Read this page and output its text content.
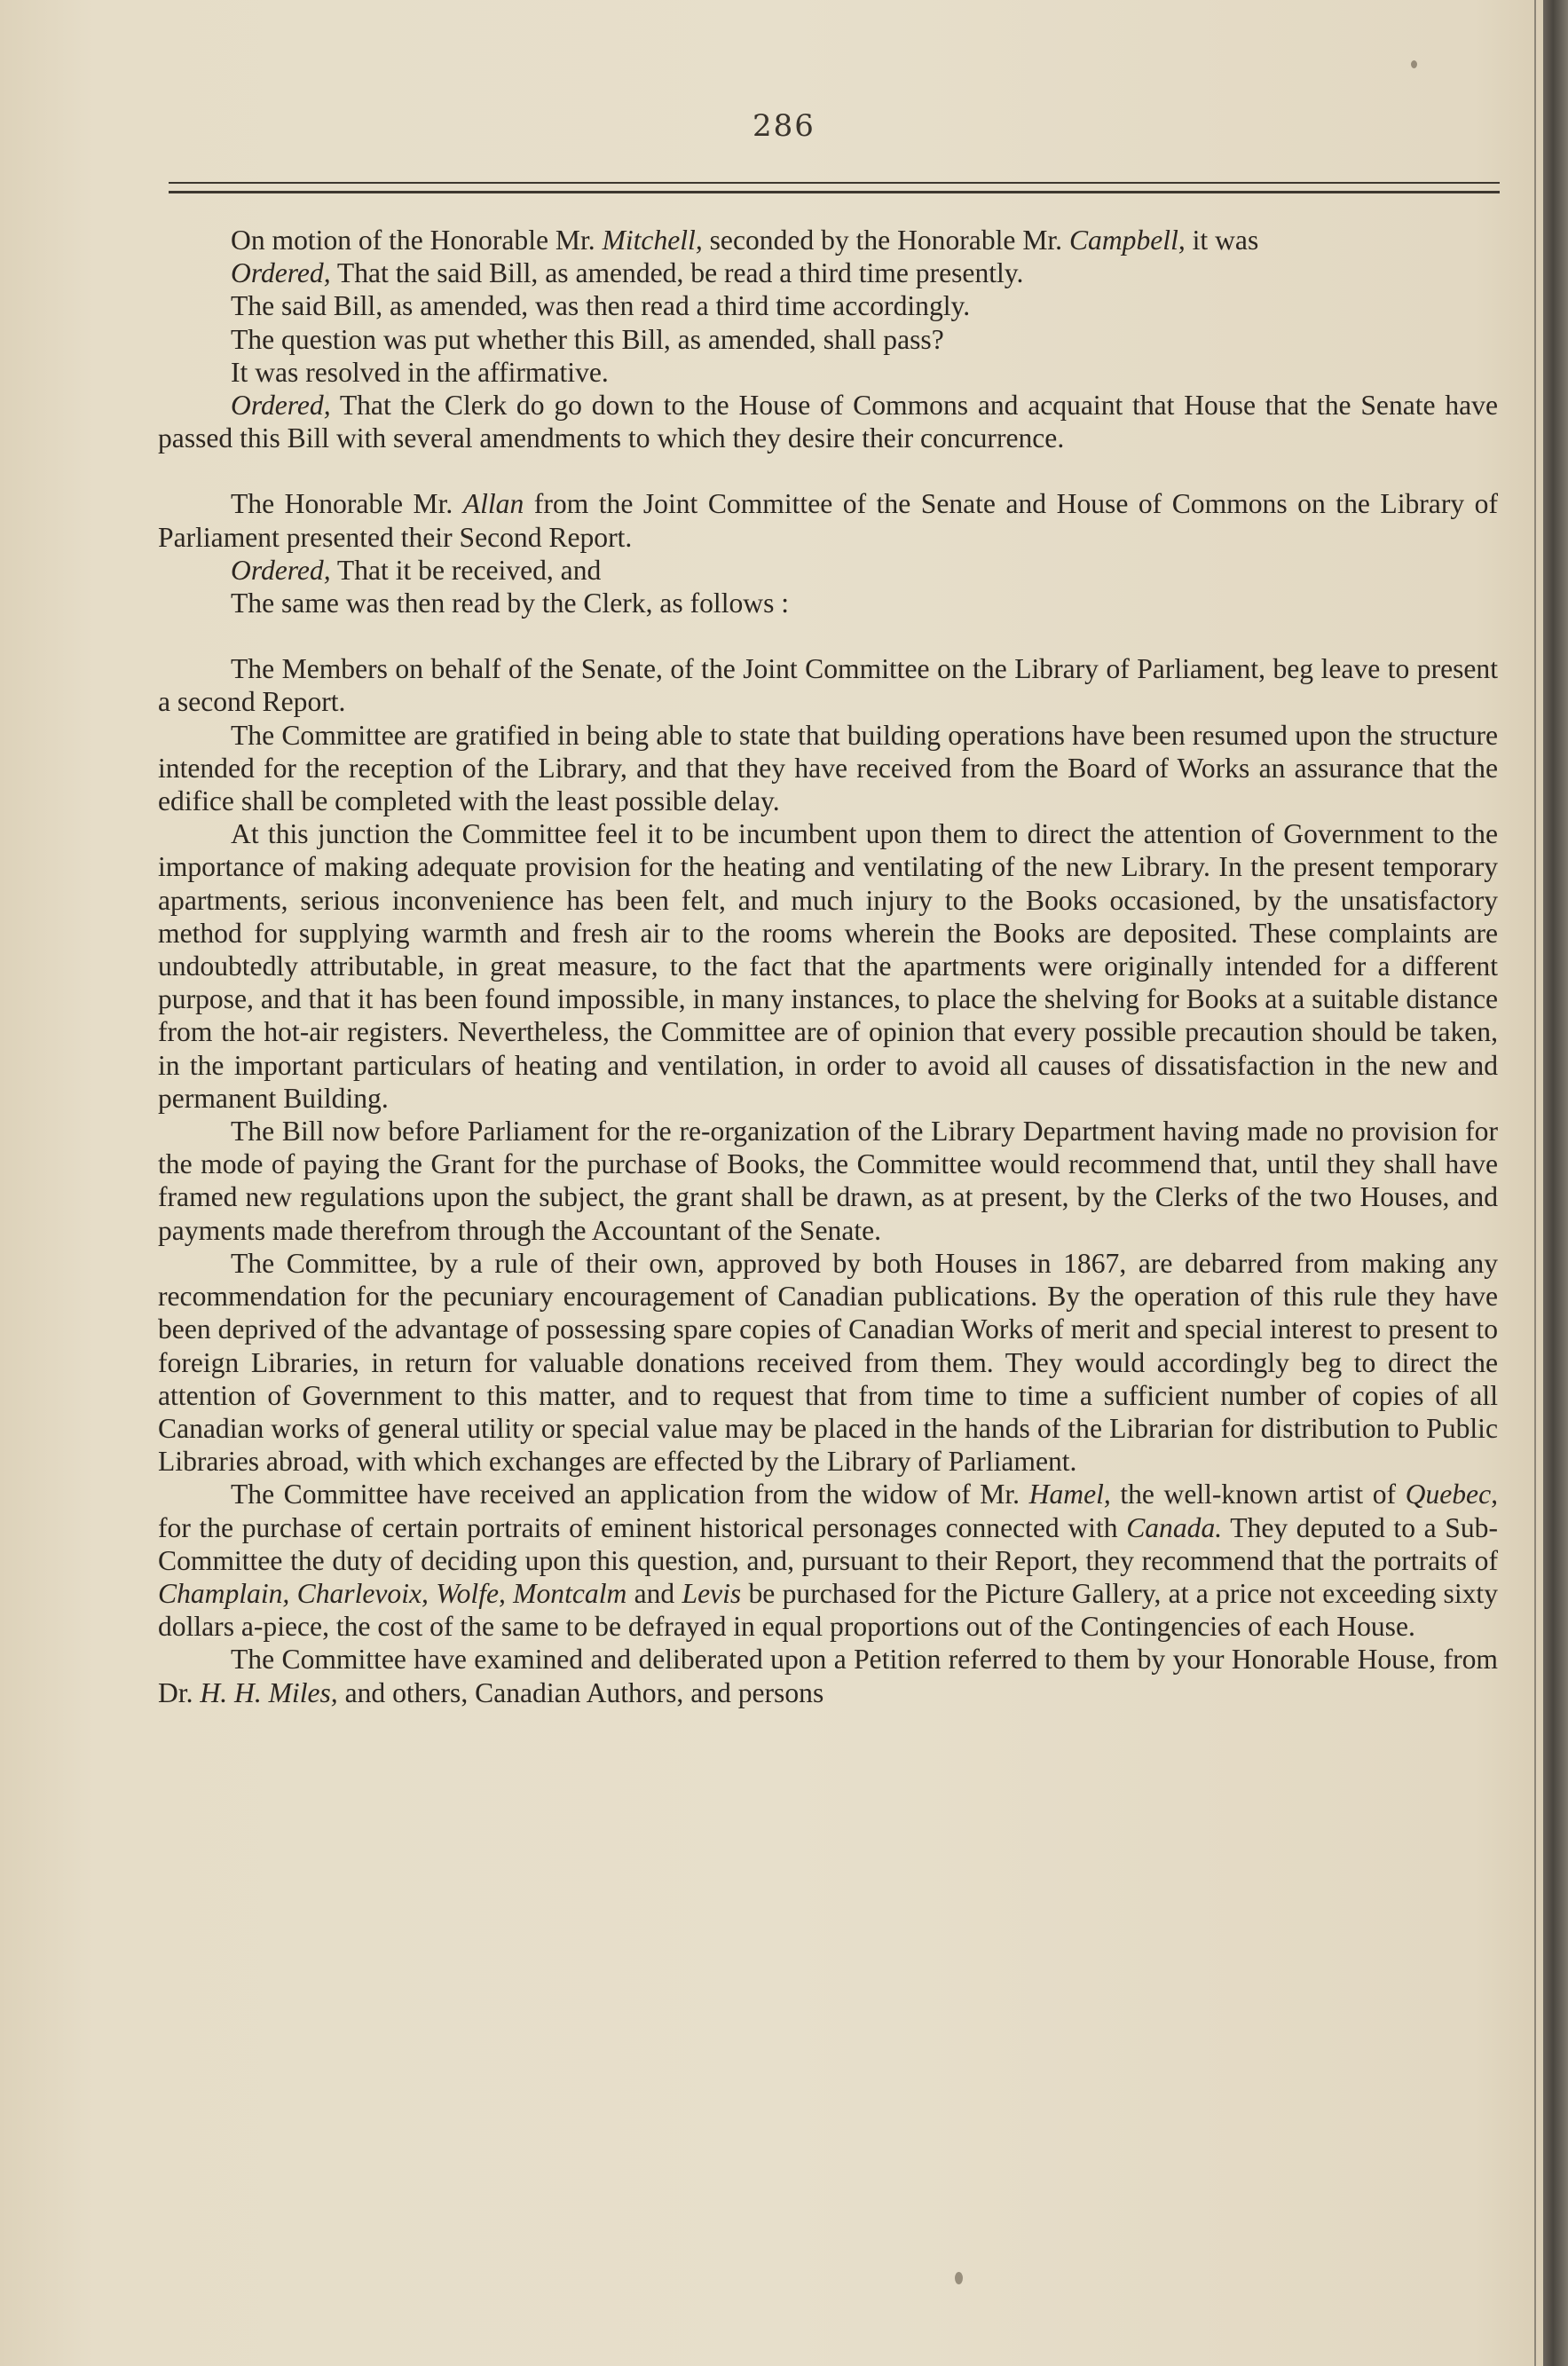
286

On motion of the Honorable Mr. Mitchell, seconded by the Honorable Mr. Campbell, it was

Ordered, That the said Bill, as amended, be read a third time presently.

The said Bill, as amended, was then read a third time accordingly.

The question was put whether this Bill, as amended, shall pass?

It was resolved in the affirmative.

Ordered, That the Clerk do go down to the House of Commons and acquaint that House that the Senate have passed this Bill with several amendments to which they desire their concurrence.

The Honorable Mr. Allan from the Joint Committee of the Senate and House of Commons on the Library of Parliament presented their Second Report.

Ordered, That it be received, and

The same was then read by the Clerk, as follows :

The Members on behalf of the Senate, of the Joint Committee on the Library of Parliament, beg leave to present a second Report.

The Committee are gratified in being able to state that building operations have been resumed upon the structure intended for the reception of the Library, and that they have received from the Board of Works an assurance that the edifice shall be completed with the least possible delay.

At this junction the Committee feel it to be incumbent upon them to direct the attention of Government to the importance of making adequate provision for the heating and ventilating of the new Library. In the present temporary apartments, serious inconvenience has been felt, and much injury to the Books occasioned, by the unsatisfactory method for supplying warmth and fresh air to the rooms wherein the Books are deposited. These complaints are undoubtedly attributable, in great measure, to the fact that the apartments were originally intended for a different purpose, and that it has been found impossible, in many instances, to place the shelving for Books at a suitable distance from the hot-air registers. Nevertheless, the Committee are of opinion that every possible precaution should be taken, in the important particulars of heating and ventilation, in order to avoid all causes of dissatisfaction in the new and permanent Building.

The Bill now before Parliament for the re-organization of the Library Department having made no provision for the mode of paying the Grant for the purchase of Books, the Committee would recommend that, until they shall have framed new regulations upon the subject, the grant shall be drawn, as at present, by the Clerks of the two Houses, and payments made therefrom through the Accountant of the Senate.

The Committee, by a rule of their own, approved by both Houses in 1867, are debarred from making any recommendation for the pecuniary encouragement of Canadian publications. By the operation of this rule they have been deprived of the advantage of possessing spare copies of Canadian Works of merit and special interest to present to foreign Libraries, in return for valuable donations received from them. They would accordingly beg to direct the attention of Government to this matter, and to request that from time to time a sufficient number of copies of all Canadian works of general utility or special value may be placed in the hands of the Librarian for distribution to Public Libraries abroad, with which exchanges are effected by the Library of Parliament.

The Committee have received an application from the widow of Mr. Hamel, the well-known artist of Quebec, for the purchase of certain portraits of eminent historical personages connected with Canada. They deputed to a Sub-Committee the duty of deciding upon this question, and, pursuant to their Report, they recommend that the portraits of Champlain, Charlevoix, Wolfe, Montcalm and Levis be purchased for the Picture Gallery, at a price not exceeding sixty dollars a-piece, the cost of the same to be defrayed in equal proportions out of the Contingencies of each House.

The Committee have examined and deliberated upon a Petition referred to them by your Honorable House, from Dr. H. H. Miles, and others, Canadian Authors, and persons
